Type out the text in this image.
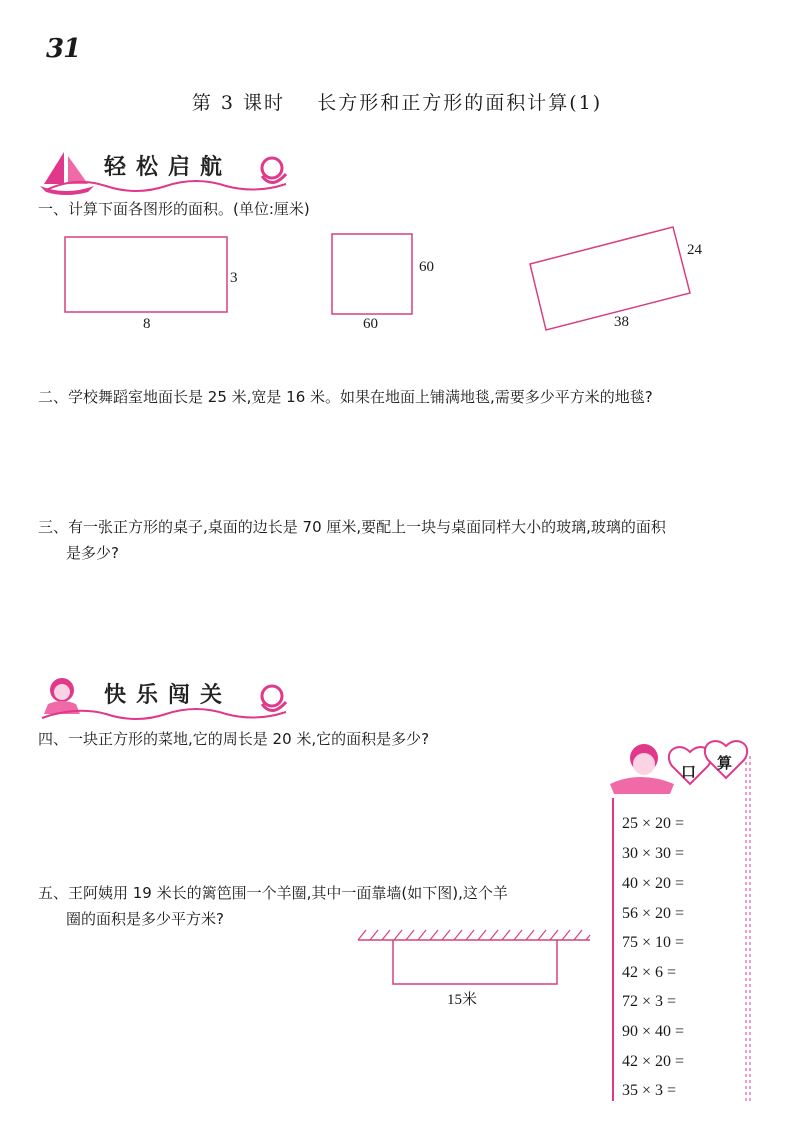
31
第 3 课时    长方形和正方形的面积计算(1)
轻松启航
一、计算下面各图形的面积。(单位:厘米)
8
3
60
60
38
24
二、学校舞蹈室地面长是 25 米,宽是 16 米。如果在地面上铺满地毯,需要多少平方米的地毯?
三、有一张正方形的桌子,桌面的边长是 70 厘米,要配上一块与桌面同样大小的玻璃,玻璃的面积
是多少?
快乐闯关
四、一块正方形的菜地,它的周长是 20 米,它的面积是多少?
五、王阿姨用 19 米长的篱笆围一个羊圈,其中一面靠墙(如下图),这个羊
圈的面积是多少平方米?
15米
口 算
25 × 20 =
30 × 30 =
40 × 20 =
56 × 20 =
75 × 10 =
42 × 6 =
72 × 3 =
90 × 40 =
42 × 20 =
35 × 3 =
